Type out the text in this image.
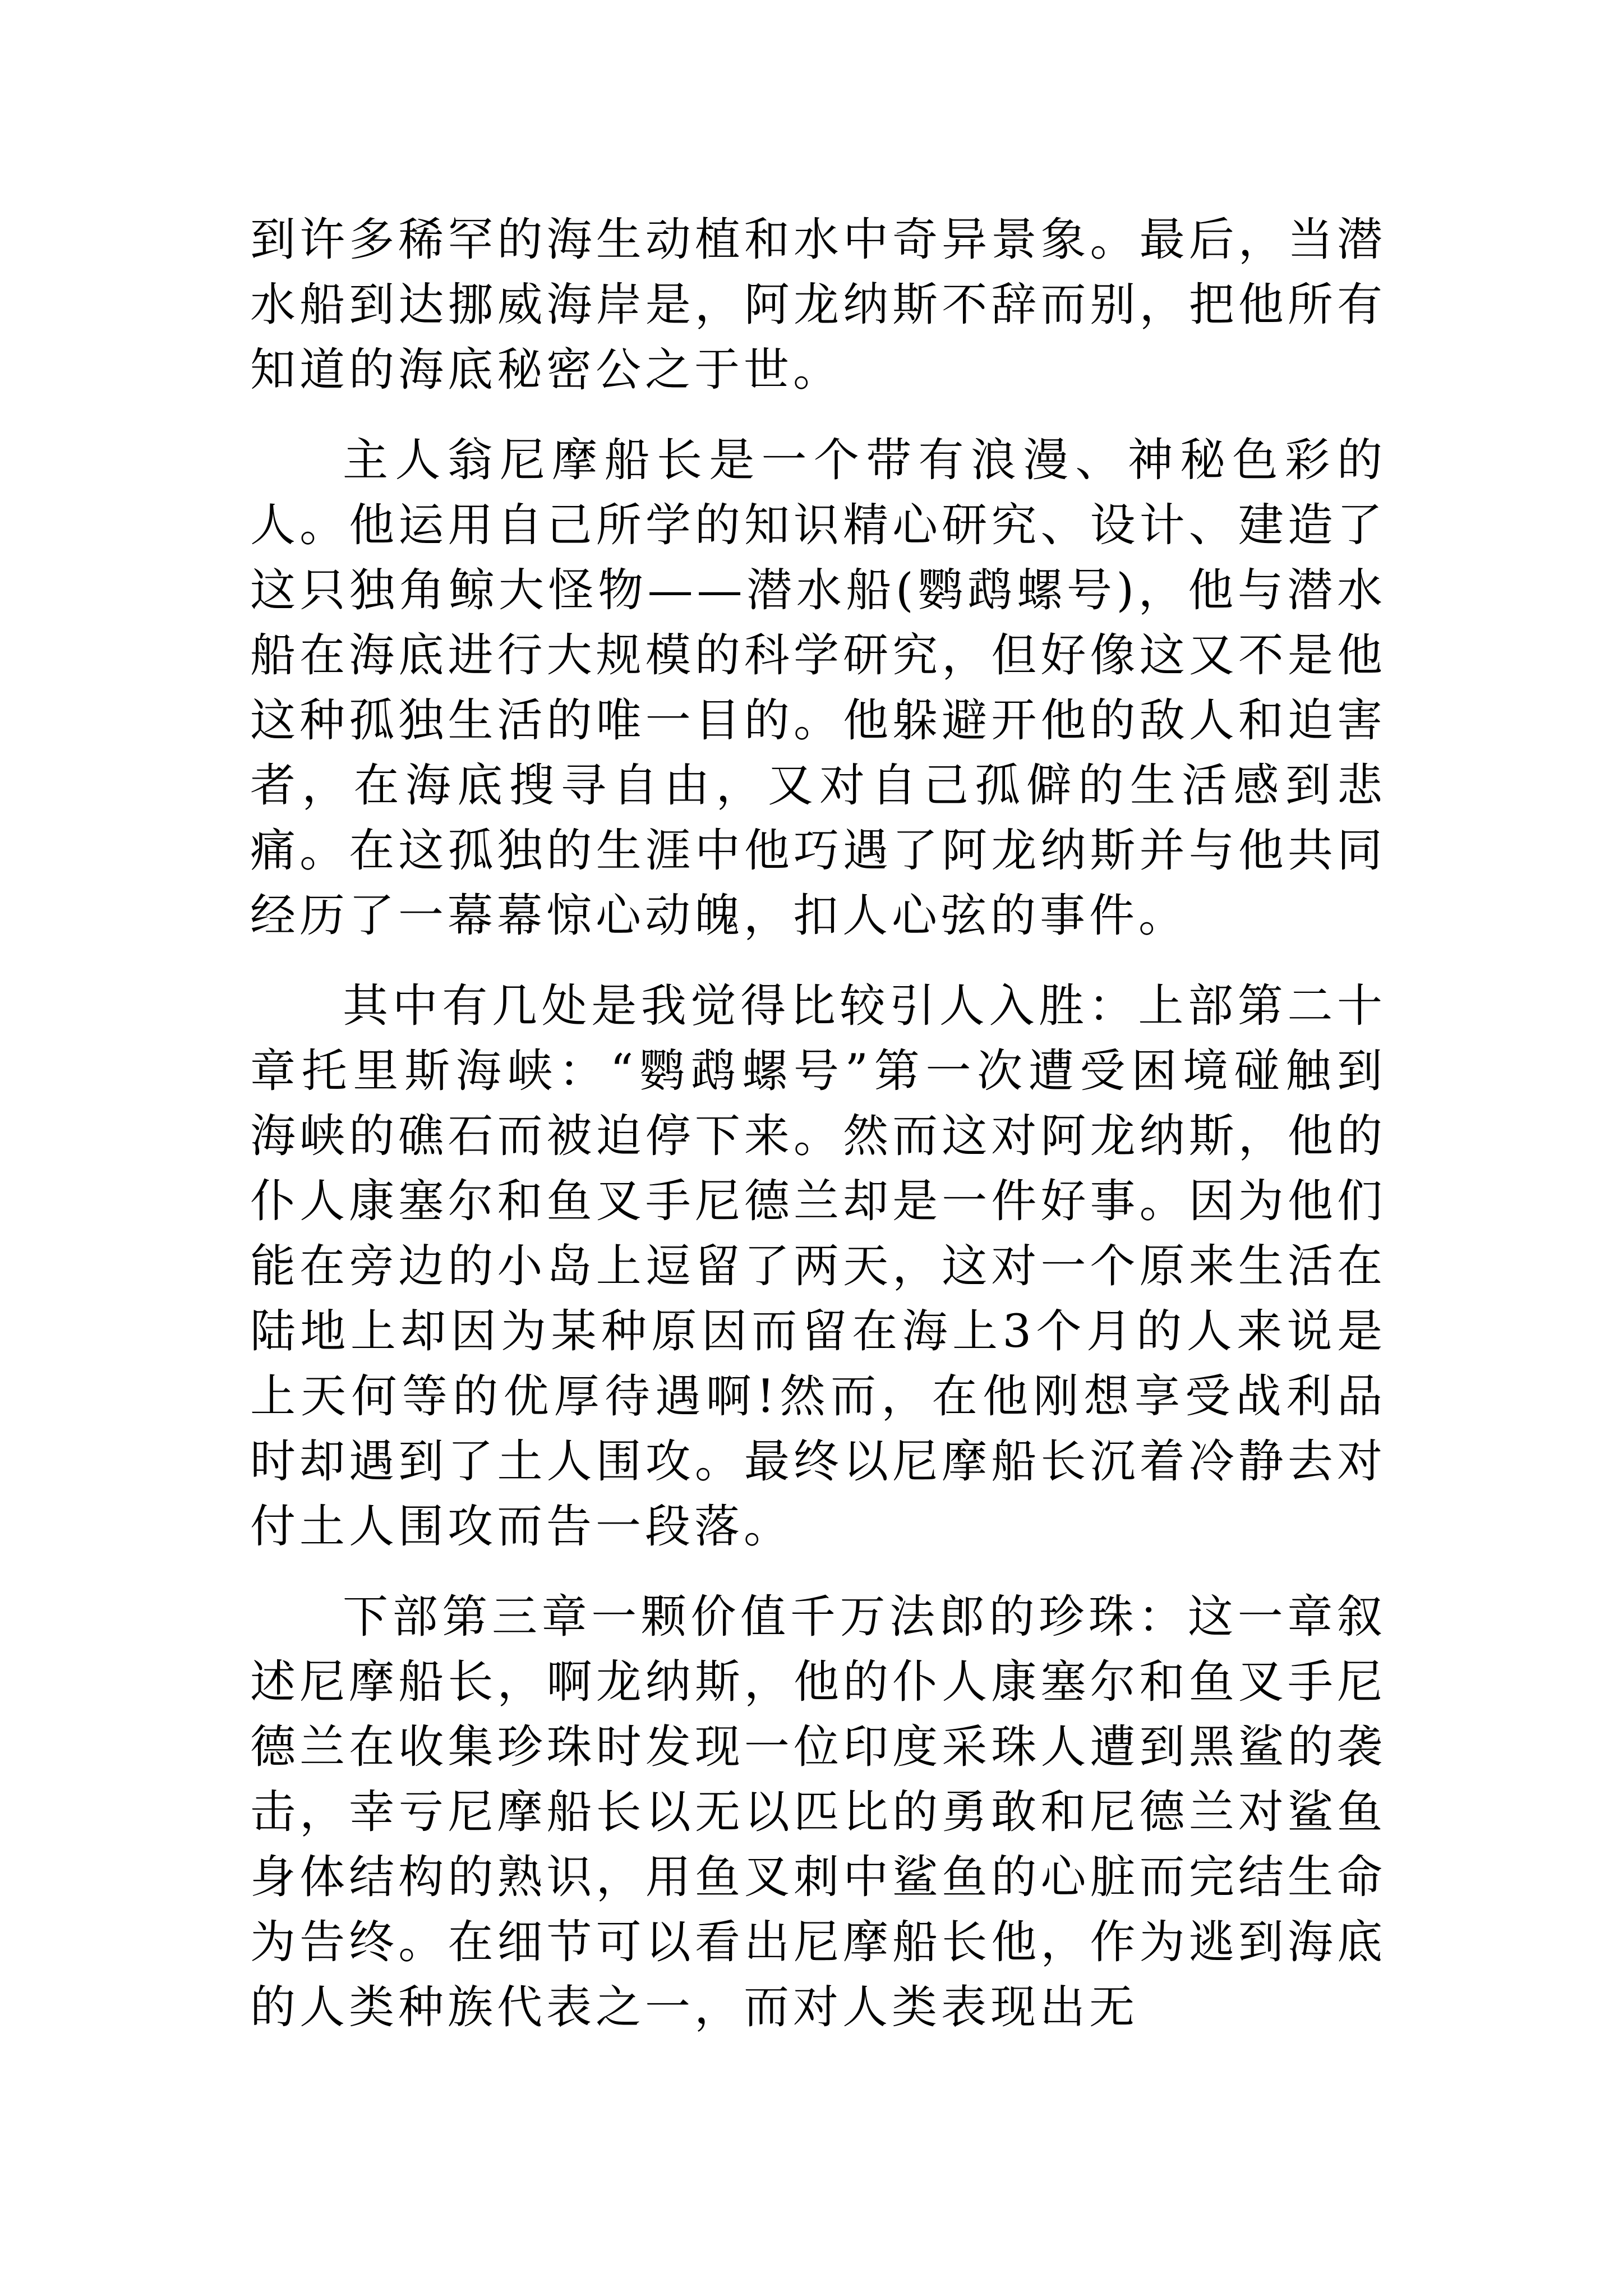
到许多稀罕的海生动植和水中奇异景象。最后，当潜水船到达挪威海岸是，阿龙纳斯不辞而别，把他所有知道的海底秘密公之于世。

主人翁尼摩船长是一个带有浪漫、神秘色彩的人。他运用自己所学的知识精心研究、设计、建造了这只独角鲸大怪物——潜水船(鹦鹉螺号)，他与潜水船在海底进行大规模的科学研究，但好像这又不是他这种孤独生活的唯一目的。他躲避开他的敌人和迫害者，在海底搜寻自由，又对自己孤僻的生活感到悲痛。在这孤独的生涯中他巧遇了阿龙纳斯并与他共同经历了一幕幕惊心动魄，扣人心弦的事件。

其中有几处是我觉得比较引人入胜：上部第二十章托里斯海峡：“鹦鹉螺号”第一次遭受困境碰触到海峡的礁石而被迫停下来。然而这对阿龙纳斯，他的仆人康塞尔和鱼叉手尼德兰却是一件好事。因为他们能在旁边的小岛上逗留了两天，这对一个原来生活在陆地上却因为某种原因而留在海上3个月的人来说是上天何等的优厚待遇啊!然而，在他刚想享受战利品时却遇到了土人围攻。最终以尼摩船长沉着冷静去对付土人围攻而告一段落。

下部第三章一颗价值千万法郎的珍珠：这一章叙述尼摩船长，啊龙纳斯，他的仆人康塞尔和鱼叉手尼德兰在收集珍珠时发现一位印度采珠人遭到黑鲨的袭击，幸亏尼摩船长以无以匹比的勇敢和尼德兰对鲨鱼身体结构的熟识，用鱼叉刺中鲨鱼的心脏而完结生命为告终。在细节可以看出尼摩船长他，作为逃到海底的人类种族代表之一，而对人类表现出无
